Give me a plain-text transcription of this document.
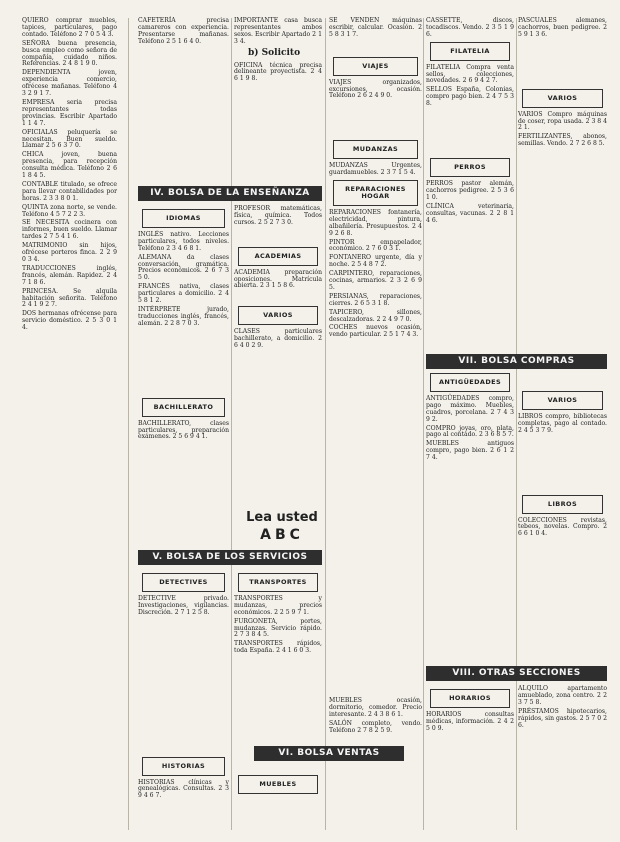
QUIERO comprar muebles, tapices, particulares, pago contado. Teléfono 2 7 0 5 4 3.

SEÑORA buena presencia, busca empleo como señora de compañía, cuidado niños. Referencias. 2 4 8 1 9 0.

DEPENDIENTA joven, experiencia comercio, ofrécese mañanas. Teléfono 4 3 2 9 1 7.

EMPRESA seria precisa representantes todas provincias. Escribir Apartado 1 1 4 7.

OFICIALAS peluquería se necesitan. Buen sueldo. Llamar 2 5 6 3 7 0.

CHICA joven, buena presencia, para recepción consulta médica. Teléfono 2 6 1 8 4 5.

CONTABLE titulado, se ofrece para llevar contabilidades por horas. 2 3 3 8 0 1.

QUINTA zona norte, se vende. Teléfono 4 5 7 2 2 3.

SE NECESITA cocinera con informes, buen sueldo. Llamar tardes 2 7 5 4 1 6.

MATRIMONIO sin hijos, ofrécese porteros finca. 2 2 9 0 3 4.

TRADUCCIONES inglés, francés, alemán. Rapidez. 2 4 7 1 8 6.

PRINCESA. Se alquila habitación señorita. Teléfono 2 4 1 9 2 7.

DOS hermanas ofrécense para servicio doméstico. 2 5 3 0 1 4.

CAFETERÍA precisa camareros con experiencia. Presentarse mañanas. Teléfono 2 5 1 6 4 0.

IDIOMAS

INGLÉS nativo. Lecciones particulares, todos niveles. Teléfono 2 3 4 6 8 1.

ALEMANA da clases conversación, gramática. Precios económicos. 2 6 7 3 5 0.

FRANCÉS nativa, clases particulares a domicilio. 2 4 5 8 1 2.

INTÉRPRETE jurado, traducciones inglés, francés, alemán. 2 2 8 7 0 3.

BACHILLERATO

BACHILLERATO, clases particulares, preparación exámenes. 2 5 6 9 4 1.

DETECTIVES

DETECTIVE privado. Investigaciones, vigilancias. Discreción. 2 7 1 2 5 8.

HISTORIAS

HISTORIAS clínicas y genealógicas. Consultas. 2 3 9 4 6 7.

IMPORTANTE casa busca representantes ambos sexos. Escribir Apartado 2 1 3 4.

b) Solicito

OFICINA técnica precisa delineante proyectista. 2 4 6 1 9 8.

PROFESOR matemáticas, física, química. Todos cursos. 2 5 2 7 3 0.

ACADEMIAS

ACADEMIA preparación oposiciones. Matrícula abierta. 2 3 1 5 8 6.

VARIOS

CLASES particulares bachillerato, a domicilio. 2 6 4 0 2 9.

TRANSPORTES

TRANSPORTES y mudanzas, precios económicos. 2 2 5 9 7 1.

FURGONETA, portes, mudanzas. Servicio rápido. 2 7 3 8 4 5.

TRANSPORTES rápidos, toda España. 2 4 1 6 0 3.

SE VENDEN máquinas escribir, calcular. Ocasión. 2 5 8 3 1 7.

VIAJES

VIAJES organizados, excursiones, ocasión. Teléfono 2 6 2 4 9 0.

MUDANZAS

MUDANZAS Urgentes, guardamuebles. 2 3 7 1 5 4.

REPARACIONES HOGAR

REPARACIONES fontanería, electricidad, pintura, albañilería. Presupuestos. 2 4 9 2 6 8.

PINTOR empapelador, económico. 2 7 6 0 3 1.

FONTANERO urgente, día y noche. 2 5 4 8 7 2.

CARPINTERO, reparaciones, cocinas, armarios. 2 3 2 6 9 5.

PERSIANAS, reparaciones, cierres. 2 6 5 3 1 8.

TAPICERO, sillones, descalzadoras. 2 2 4 9 7 0.

COCHES nuevos ocasión, vendo particular. 2 5 1 7 4 3.

MUEBLES ocasión, dormitorio, comedor. Precio interesante. 2 4 3 8 6 1.

SALÓN completo, vendo. Teléfono 2 7 8 2 5 9.

CASSETTE, discos, tocadiscos. Vendo. 2 3 5 1 9 6.

FILATELIA

FILATELIA Compra venta sellos, colecciones, novedades. 2 6 9 4 2 7.

SELLOS España, Colonias, compro pago bien. 2 4 7 5 3 8.

PERROS

PERROS pastor alemán, cachorros pedigree. 2 5 3 6 1 0.

CLÍNICA veterinaria, consultas, vacunas. 2 2 8 1 4 6.

ANTIGÜEDADES

ANTIGÜEDADES compro, pago máximo. Muebles, cuadros, porcelana. 2 7 4 3 9 2.

COMPRO joyas, oro, plata, pago al contado. 2 3 6 8 5 7.

MUEBLES antiguos compro, pago bien. 2 6 1 2 7 4.

HORARIOS

HORARIOS consultas médicas, información. 2 4 2 5 0 9.

PASCUALES alemanes, cachorros, buen pedigree. 2 5 9 1 3 6.

VARIOS

VARIOS Compro máquinas de coser, ropa usada. 2 3 8 4 2 1.

FERTILIZANTES, abonos, semillas. Vendo. 2 7 2 6 8 5.

VARIOS

LIBROS compro, bibliotecas completas, pago al contado. 2 4 5 3 7 9.

LIBROS

COLECCIONES revistas, tebeos, novelas. Compro. 2 6 6 1 0 4.

ALQUILO apartamento amueblado, zona centro. 2 2 3 7 5 8.

PRÉSTAMOS hipotecarios, rápidos, sin gastos. 2 5 7 0 2 6.

IV. BOLSA DE LA ENSEÑANZA
V. BOLSA DE LOS SERVICIOS
VI. BOLSA VENTAS
VII. BOLSA COMPRAS
VIII. OTRAS SECCIONES
Lea usted
ABC
MUEBLES
